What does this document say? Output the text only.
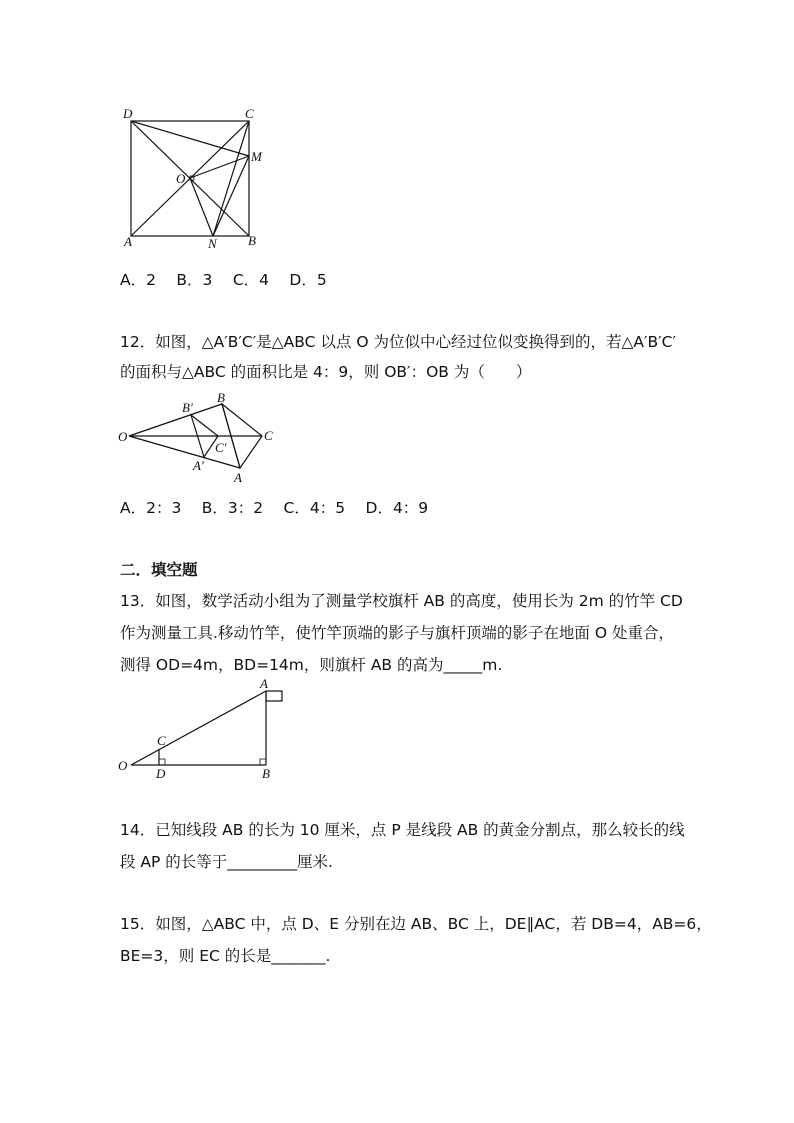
D	C
M
O
A	N B
A．2　 B．3　 C．4　 D．5
12．如图，△A′B′C′是△ABC 以点 O 为位似中心经过位似变换得到的，若△A′B′C′
的面积与△ABC 的面积比是 4：9，则 OB′：OB 为（　　）
O
B′
B
C
C′
A′
A
A．2：3　 B．3：2　 C．4：5　 D．4：9
二．填空题
13．如图，数学活动小组为了测量学校旗杆 AB 的高度，使用长为 2m 的竹竿 CD
作为测量工具.移动竹竿，使竹竿顶端的影子与旗杆顶端的影子在地面 O 处重合，
测得 OD=4m，BD=14m，则旗杆 AB 的高为_____m.
A
C
O
D	B
14．已知线段 AB 的长为 10 厘米，点 P 是线段 AB 的黄金分割点，那么较长的线
段 AP 的长等于_________厘米.
15．如图，△ABC 中，点 D、E 分别在边 AB、BC 上，DE∥AC，若 DB=4，AB=6，
BE=3，则 EC 的长是_______.
